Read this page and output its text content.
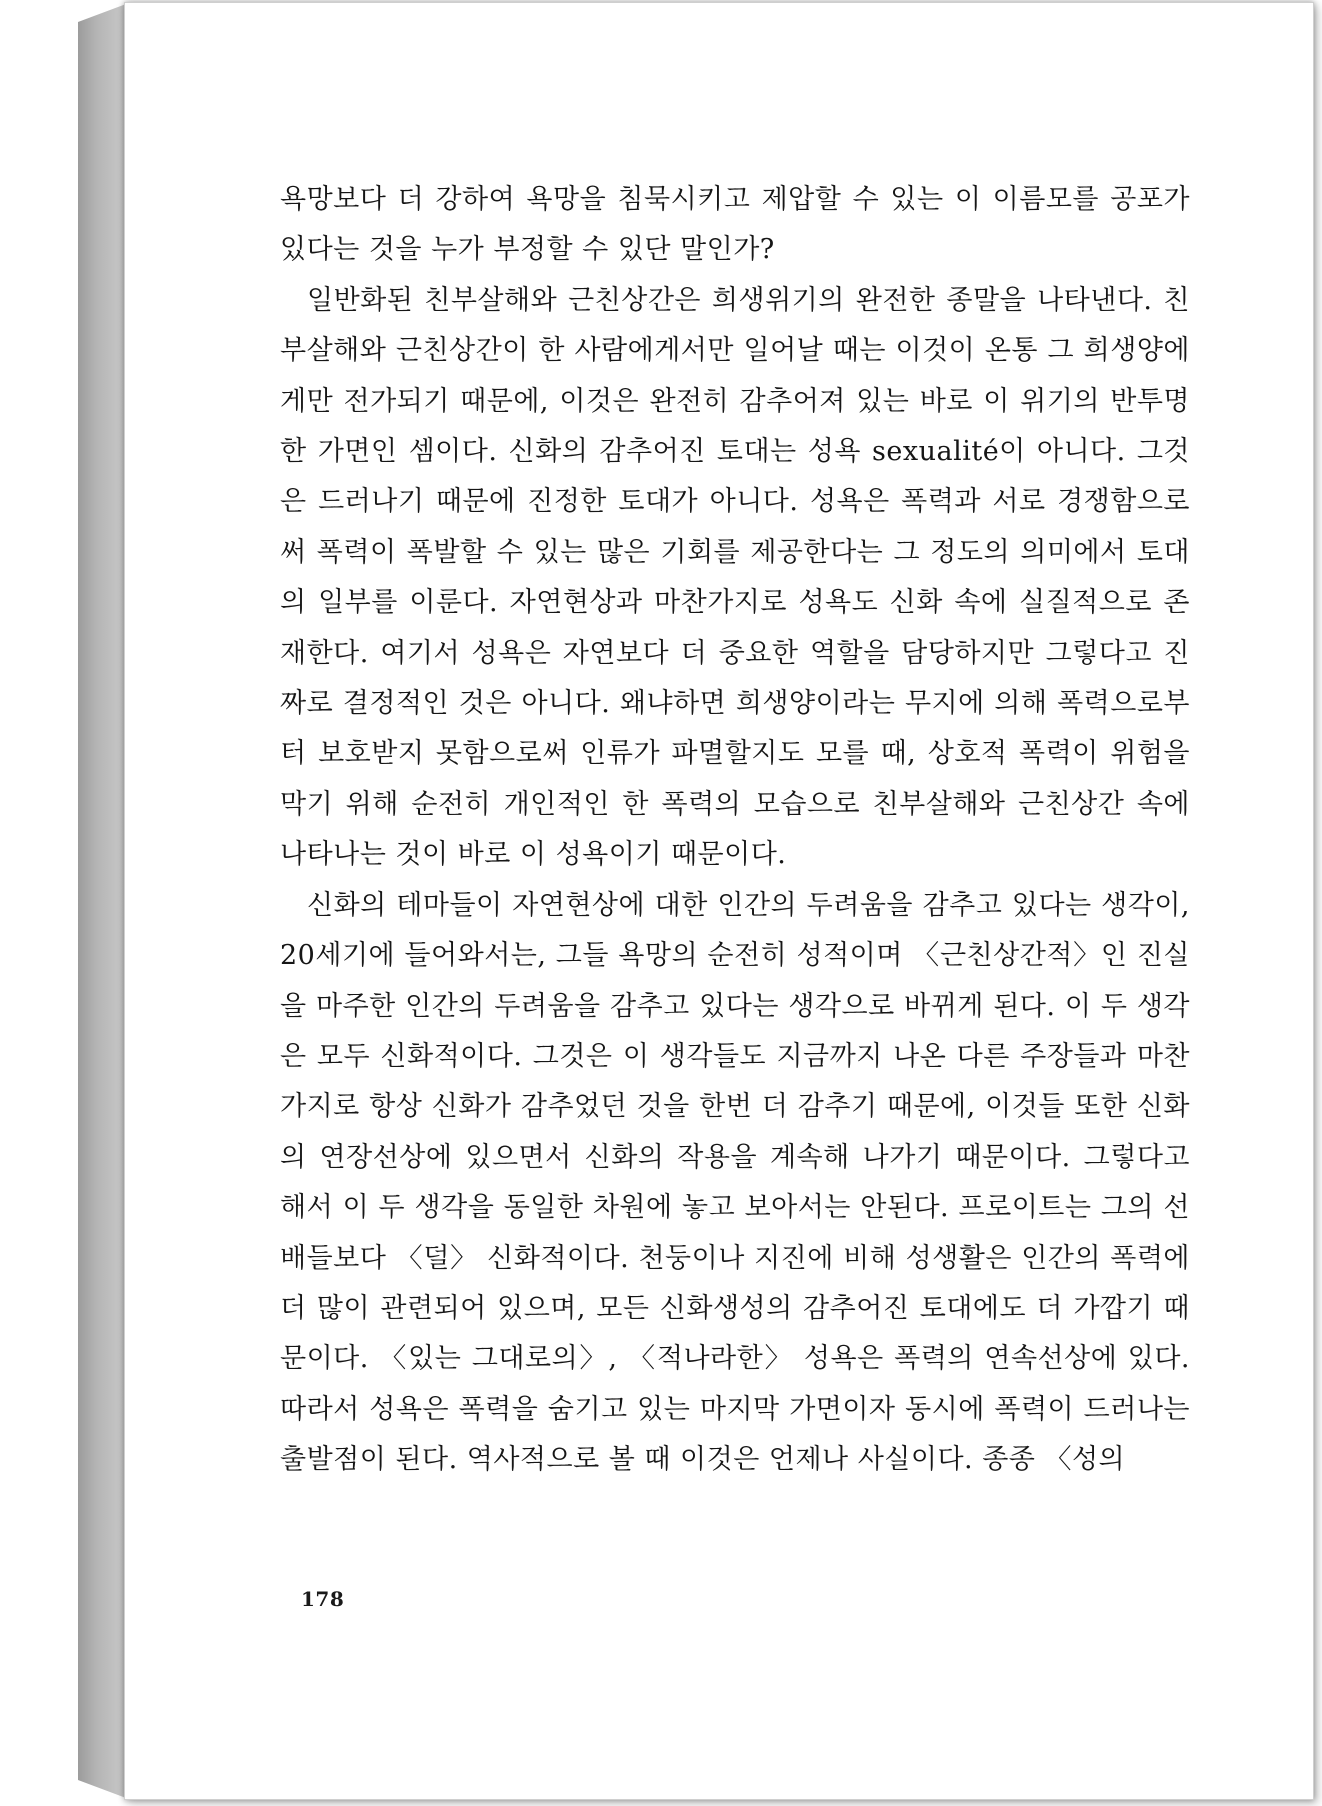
욕망보다 더 강하여 욕망을 침묵시키고 제압할 수 있는 이 이름모를 공포가 있다는 것을 누가 부정할 수 있단 말인가?

일반화된 친부살해와 근친상간은 희생위기의 완전한 종말을 나타낸다. 친부살해와 근친상간이 한 사람에게서만 일어날 때는 이것이 온통 그 희생양에게만 전가되기 때문에, 이것은 완전히 감추어져 있는 바로 이 위기의 반투명한 가면인 셈이다. 신화의 감추어진 토대는 성욕 sexualité이 아니다. 그것은 드러나기 때문에 진정한 토대가 아니다. 성욕은 폭력과 서로 경쟁함으로써 폭력이 폭발할 수 있는 많은 기회를 제공한다는 그 정도의 의미에서 토대의 일부를 이룬다. 자연현상과 마찬가지로 성욕도 신화 속에 실질적으로 존재한다. 여기서 성욕은 자연보다 더 중요한 역할을 담당하지만 그렇다고 진짜로 결정적인 것은 아니다. 왜냐하면 희생양이라는 무지에 의해 폭력으로부터 보호받지 못함으로써 인류가 파멸할지도 모를 때, 상호적 폭력이 위험을 막기 위해 순전히 개인적인 한 폭력의 모습으로 친부살해와 근친상간 속에 나타나는 것이 바로 이 성욕이기 때문이다.

신화의 테마들이 자연현상에 대한 인간의 두려움을 감추고 있다는 생각이, 20세기에 들어와서는, 그들 욕망의 순전히 성적이며 〈근친상간적〉인 진실을 마주한 인간의 두려움을 감추고 있다는 생각으로 바뀌게 된다. 이 두 생각은 모두 신화적이다. 그것은 이 생각들도 지금까지 나온 다른 주장들과 마찬가지로 항상 신화가 감추었던 것을 한번 더 감추기 때문에, 이것들 또한 신화의 연장선상에 있으면서 신화의 작용을 계속해 나가기 때문이다. 그렇다고 해서 이 두 생각을 동일한 차원에 놓고 보아서는 안된다. 프로이트는 그의 선배들보다 〈덜〉 신화적이다. 천둥이나 지진에 비해 성생활은 인간의 폭력에 더 많이 관련되어 있으며, 모든 신화생성의 감추어진 토대에도 더 가깝기 때문이다. 〈있는 그대로의〉, 〈적나라한〉 성욕은 폭력의 연속선상에 있다. 따라서 성욕은 폭력을 숨기고 있는 마지막 가면이자 동시에 폭력이 드러나는 출발점이 된다. 역사적으로 볼 때 이것은 언제나 사실이다. 종종 〈성의

178
